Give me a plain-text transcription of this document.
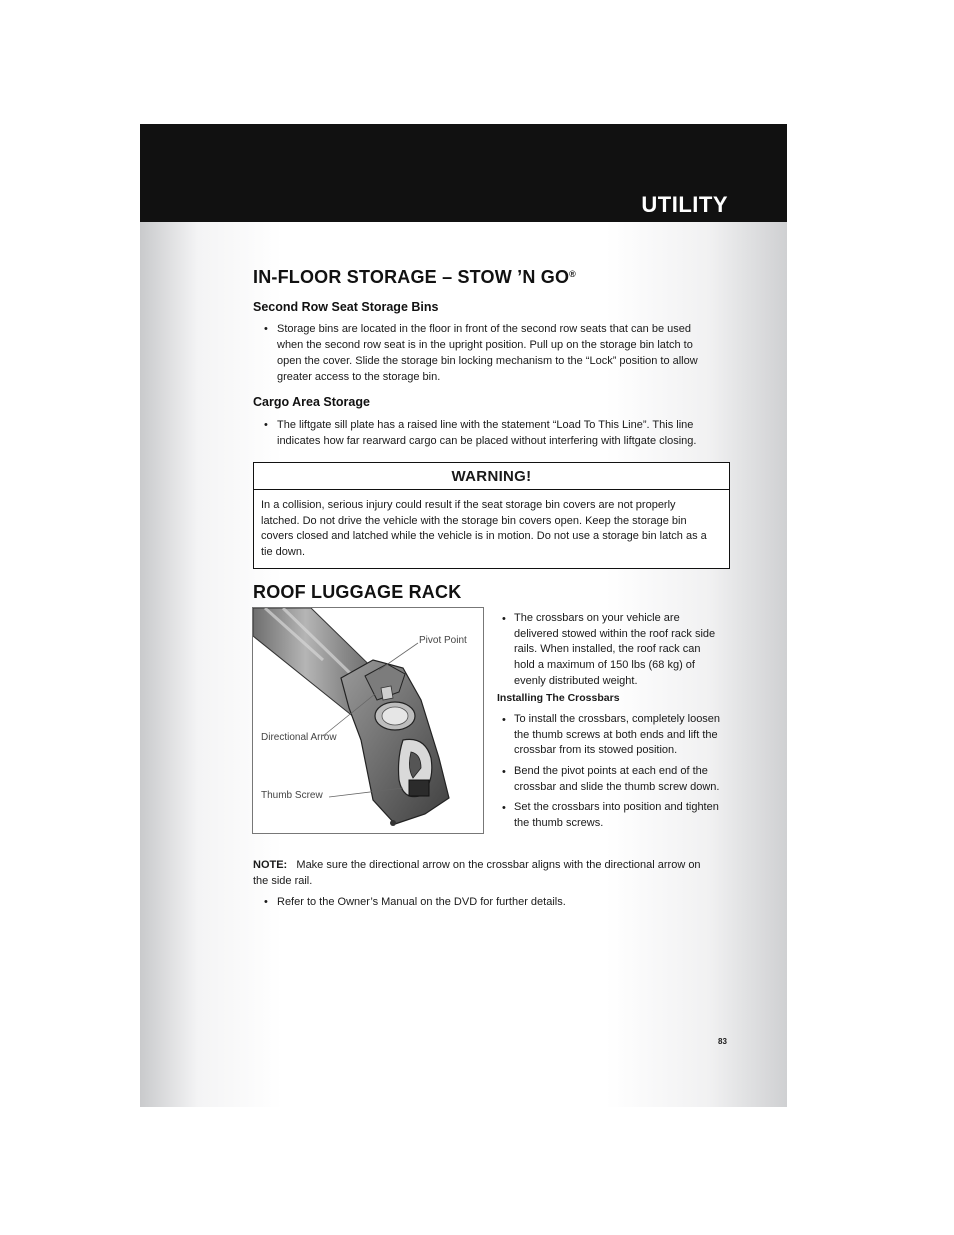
UTILITY
IN-FLOOR STORAGE – STOW ’N GO®
Second Row Seat Storage Bins
• Storage bins are located in the floor in front of the second row seats that can be used
when the second row seat is in the upright position. Pull up on the storage bin latch to
open the cover. Slide the storage bin locking mechanism to the “Lock” position to allow
greater access to the storage bin.
Cargo Area Storage
• The liftgate sill plate has a raised line with the statement “Load To This Line”. This line
indicates how far rearward cargo can be placed without interfering with liftgate closing.
WARNING!
In a collision, serious injury could result if the seat storage bin covers are not properly
latched. Do not drive the vehicle with the storage bin covers open. Keep the storage bin
covers closed and latched while the vehicle is in motion. Do not use a storage bin latch as a
tie down.
ROOF LUGGAGE RACK
Pivot Point
Directional Arrow
Thumb Screw
• The crossbars on your vehicle are
delivered stowed within the roof rack side
rails. When installed, the roof rack can
hold a maximum of 150 lbs (68 kg) of
evenly distributed weight.
Installing The Crossbars
• To install the crossbars, completely loosen
the thumb screws at both ends and lift the
crossbar from its stowed position.
• Bend the pivot points at each end of the
crossbar and slide the thumb screw down.
• Set the crossbars into position and tighten
the thumb screws.
NOTE: Make sure the directional arrow on the crossbar aligns with the directional arrow on
the side rail.
• Refer to the Owner’s Manual on the DVD for further details.
83
